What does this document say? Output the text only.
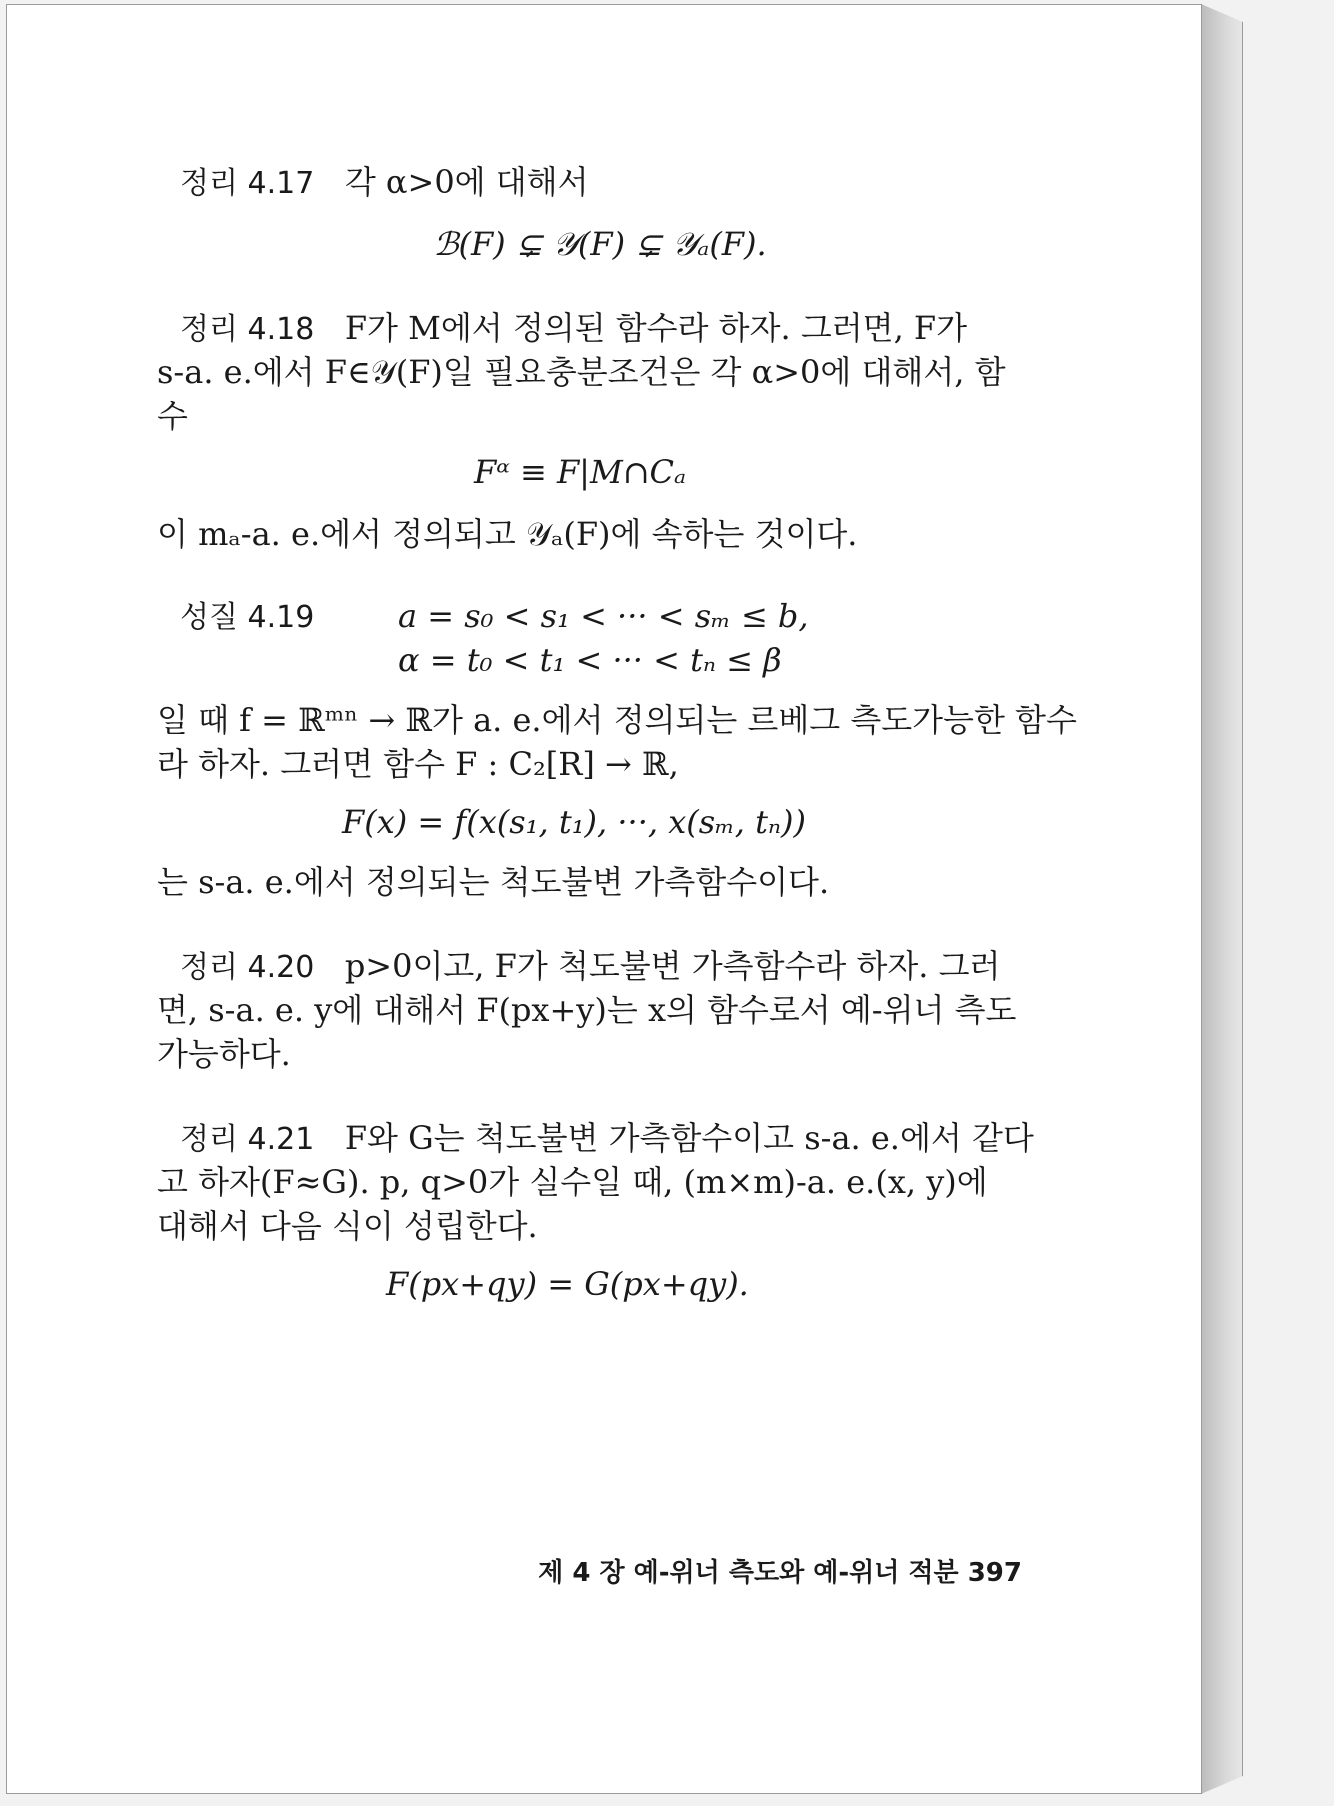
정리 4.17 각 α>0에 대해서
ℬ(F) ⊊ 𝒴(F) ⊊ 𝒴ₐ(F).
정리 4.18 F가 M에서 정의된 함수라 하자. 그러면, F가
s-a. e.에서 F∈𝒴(F)일 필요충분조건은 각 α>0에 대해서, 함
수
Fᵅ ≡ F|M∩Cₐ
이 mₐ-a. e.에서 정의되고 𝒴ₐ(F)에 속하는 것이다.
성질 4.19	a = s₀ < s₁ < ··· < sₘ ≤ b,
α = t₀ < t₁ < ··· < tₙ ≤ β
일 때 f = ℝᵐⁿ → ℝ가 a. e.에서 정의되는 르베그 측도가능한 함수
라 하자. 그러면 함수 F : C₂[R] → ℝ,
F(x) = f(x(s₁, t₁), ···, x(sₘ, tₙ))
는 s-a. e.에서 정의되는 척도불변 가측함수이다.
정리 4.20 p>0이고, F가 척도불변 가측함수라 하자. 그러
면, s-a. e. y에 대해서 F(px+y)는 x의 함수로서 예-위너 측도
가능하다.
정리 4.21 F와 G는 척도불변 가측함수이고 s-a. e.에서 같다
고 하자(F≈G). p, q>0가 실수일 때, (m×m)-a. e.(x, y)에
대해서 다음 식이 성립한다.
F(px+qy) = G(px+qy).
제 4 장 예-위너 측도와 예-위너 적분 397
